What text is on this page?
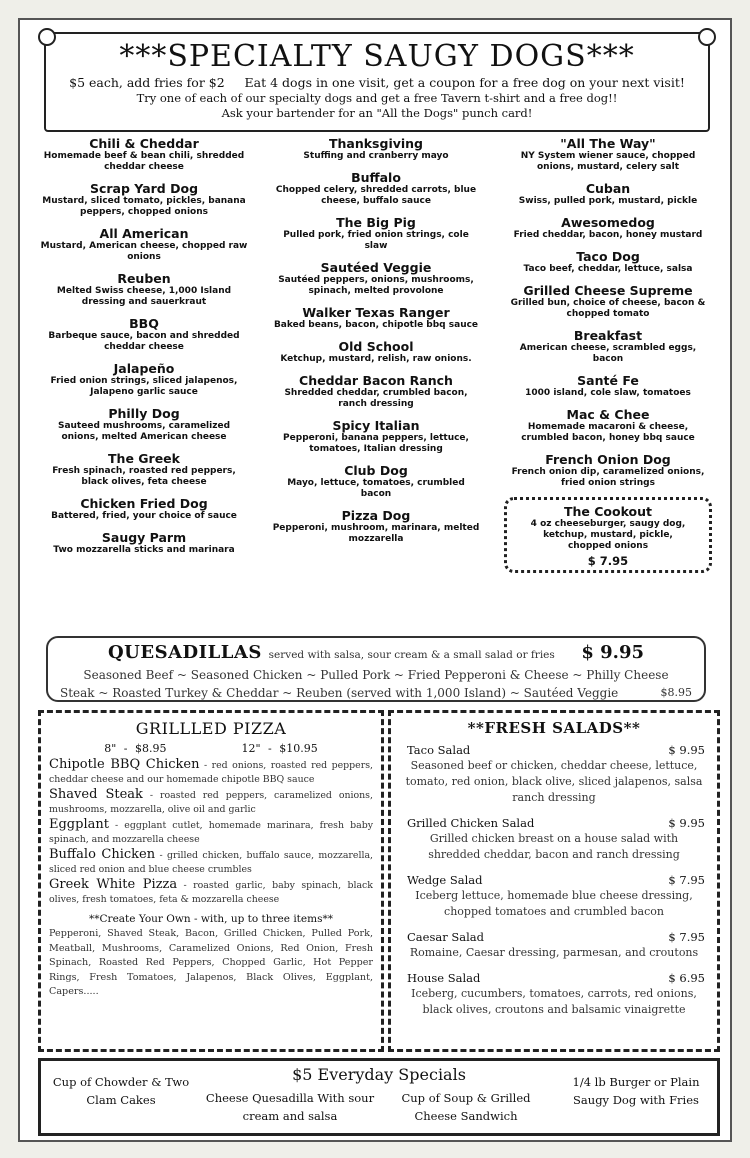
***SPECIALTY SAUGY DOGS***
$5 each, add fries for $2     Eat 4 dogs in one visit, get a coupon for a free dog on your next visit!
Try one of each of our specialty dogs and get a free Tavern t-shirt and a free dog!!
Ask your bartender for an "All the Dogs" punch card!
Chili & Cheddar
Homemade beef & bean chili, shredded cheddar cheese
Scrap Yard Dog
Mustard, sliced tomato, pickles, banana peppers, chopped onions
All American
Mustard, American cheese, chopped raw onions
Reuben
Melted Swiss cheese, 1,000 Island dressing and sauerkraut
BBQ
Barbeque sauce, bacon and shredded cheddar cheese
Jalapeño
Fried onion strings, sliced jalapenos, Jalapeno garlic sauce
Philly Dog
Sauteed mushrooms, caramelized onions, melted American cheese
The Greek
Fresh spinach, roasted red peppers, black olives, feta cheese
Chicken Fried Dog
Battered, fried, your choice of sauce
Saugy Parm
Two mozzarella sticks and marinara
Thanksgiving
Stuffing and cranberry mayo
Buffalo
Chopped celery, shredded carrots, blue cheese, buffalo sauce
The Big Pig
Pulled pork, fried onion strings, cole slaw
Sautéed Veggie
Sautéed peppers, onions, mushrooms, spinach, melted provolone
Walker Texas Ranger
Baked beans, bacon, chipotle bbq sauce
Old School
Ketchup, mustard, relish, raw onions.
Cheddar Bacon Ranch
Shredded cheddar, crumbled bacon, ranch dressing
Spicy Italian
Pepperoni, banana peppers, lettuce, tomatoes, Italian dressing
Club Dog
Mayo, lettuce, tomatoes, crumbled bacon
Pizza Dog
Pepperoni, mushroom, marinara, melted mozzarella
"All The Way"
NY System wiener sauce, chopped onions, mustard, celery salt
Cuban
Swiss, pulled pork, mustard, pickle
Awesomedog
Fried cheddar, bacon, honey mustard
Taco Dog
Taco beef, cheddar, lettuce, salsa
Grilled Cheese Supreme
Grilled bun, choice of cheese, bacon & chopped tomato
Breakfast
American cheese, scrambled eggs, bacon
Santé Fe
1000 island, cole slaw, tomatoes
Mac & Chee
Homemade macaroni & cheese, crumbled bacon, honey bbq sauce
French Onion Dog
French onion dip, caramelized onions, fried onion strings
The Cookout
4 oz cheeseburger, saugy dog, ketchup, mustard, pickle, chopped onions
$ 7.95
QUESADILLAS served with salsa, sour cream & a small salad or fries $ 9.95
Seasoned Beef ~ Seasoned Chicken ~ Pulled Pork ~ Fried Pepperoni & Cheese ~ Philly Cheese
Steak ~ Roasted Turkey & Cheddar ~ Reuben (served with 1,000 Island) ~ Sautéed Veggie	$8.95
GRILLLED PIZZA
8" - $8.95          12" - $10.95
Chipotle BBQ Chicken - red onions, roasted red peppers, cheddar cheese and our homemade chipotle BBQ sauce
Shaved Steak - roasted red peppers, caramelized onions, mushrooms, mozzarella, olive oil and garlic
Eggplant - eggplant cutlet, homemade marinara, fresh baby spinach, and mozzarella cheese
Buffalo Chicken - grilled chicken, buffalo sauce, mozzarella, sliced red onion and blue cheese crumbles
Greek White Pizza - roasted garlic, baby spinach, black olives, fresh tomatoes, feta & mozzarella cheese
**Create Your Own - with, up to three items**
Pepperoni, Shaved Steak, Bacon, Grilled Chicken, Pulled Pork, Meatball, Mushrooms, Caramelized Onions, Red Onion, Fresh Spinach, Roasted Red Peppers, Chopped Garlic, Hot Pepper Rings, Fresh Tomatoes, Jalapenos, Black Olives, Eggplant, Capers.....
**FRESH SALADS**
Taco Salad	$ 9.95
Seasoned beef or chicken, cheddar cheese, lettuce, tomato, red onion, black olive, sliced jalapenos, salsa ranch dressing
Grilled Chicken Salad	$ 9.95
Grilled chicken breast on a house salad with shredded cheddar, bacon and ranch dressing
Wedge Salad	$ 7.95
Iceberg lettuce, homemade blue cheese dressing, chopped tomatoes and crumbled bacon
Caesar Salad	$ 7.95
Romaine, Caesar dressing, parmesan, and croutons
House Salad	$ 6.95
Iceberg, cucumbers, tomatoes, carrots, red onions, black olives, croutons and balsamic vinaigrette
$5 Everyday Specials
Cup of Chowder & Two Clam Cakes	Cheese Quesadilla With sour cream and salsa
Cup of Soup & Grilled Cheese Sandwich
1/4 lb Burger or Plain Saugy Dog with Fries
